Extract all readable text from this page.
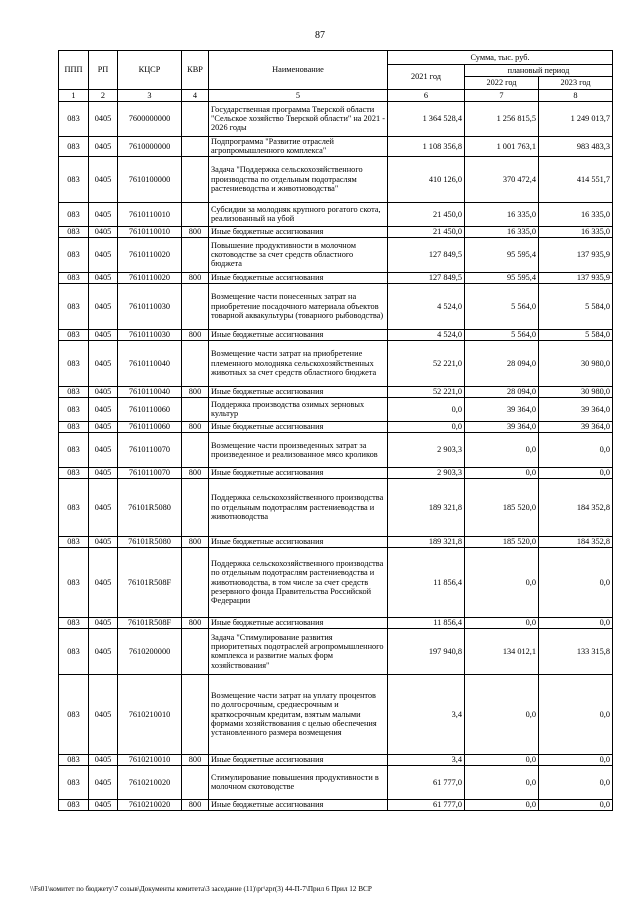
87
ППП	РП	КЦСР	КВР	Наименование	Сумма, тыс. руб.		
					2021 год	плановый период	
						2022 год	2023 год
1	2	3	4	5	6	7	8
083	0405	7600000000		Государственная программа Тверской области "Сельское хозяйство Тверской области" на 2021 - 2026 годы	1 364 528,4	1 256 815,5	1 249 013,7
083	0405	7610000000		Подпрограмма "Развитие отраслей агропромышленного комплекса"	1 108 356,8	1 001 763,1	983 483,3
083	0405	7610100000		Задача "Поддержка сельскохозяйственного производства по отдельным подотраслям растениеводства и животноводства"	410 126,0	370 472,4	414 551,7
083	0405	7610110010		Субсидии за молодняк крупного рогатого скота, реализованный на убой	21 450,0	16 335,0	16 335,0
083	0405	7610110010	800	Иные бюджетные ассигнования	21 450,0	16 335,0	16 335,0
083	0405	7610110020		Повышение продуктивности в молочном скотоводстве за счет средств областного бюджета	127 849,5	95 595,4	137 935,9
083	0405	7610110020	800	Иные бюджетные ассигнования	127 849,5	95 595,4	137 935,9
083	0405	7610110030		Возмещение части понесенных затрат на приобретение посадочного материала объектов товарной аквакультуры (товарного рыбоводства)	4 524,0	5 564,0	5 584,0
083	0405	7610110030	800	Иные бюджетные ассигнования	4 524,0	5 564,0	5 584,0
083	0405	7610110040		Возмещение части затрат на приобретение племенного молодняка сельскохозяйственных животных за счет средств областного бюджета	52 221,0	28 094,0	30 980,0
083	0405	7610110040	800	Иные бюджетные ассигнования	52 221,0	28 094,0	30 980,0
083	0405	7610110060		Поддержка производства озимых зерновых культур	0,0	39 364,0	39 364,0
083	0405	7610110060	800	Иные бюджетные ассигнования	0,0	39 364,0	39 364,0
083	0405	7610110070		Возмещение части произведенных затрат за произведенное и реализованное мясо кроликов	2 903,3	0,0	0,0
083	0405	7610110070	800	Иные бюджетные ассигнования	2 903,3	0,0	0,0
083	0405	76101R5080		Поддержка сельскохозяйственного производства по отдельным подотраслям растениеводства и животноводства	189 321,8	185 520,0	184 352,8
083	0405	76101R5080	800	Иные бюджетные ассигнования	189 321,8	185 520,0	184 352,8
083	0405	76101R508F		Поддержка сельскохозяйственного производства по отдельным подотраслям растениеводства и животноводства, в том числе за счет средств резервного фонда Правительства Российской Федерации	11 856,4	0,0	0,0
083	0405	76101R508F	800	Иные бюджетные ассигнования	11 856,4	0,0	0,0
083	0405	7610200000		Задача "Стимулирование развития приоритетных подотраслей агропромышленного комплекса и развитие малых форм хозяйствования"	197 940,8	134 012,1	133 315,8
083	0405	7610210010		Возмещение части затрат на уплату процентов по долгосрочным, среднесрочным и краткосрочным кредитам, взятым малыми формами хозяйствования с целью обеспечения установленного размера возмещения	3,4	0,0	0,0
083	0405	7610210010	800	Иные бюджетные ассигнования	3,4	0,0	0,0
083	0405	7610210020		Стимулирование повышения продуктивности в молочном скотоводстве	61 777,0	0,0	0,0
083	0405	7610210020	800	Иные бюджетные ассигнования	61 777,0	0,0	0,0
\\Fs01\комитет по бюджету\7 созыв\Документы комитета\3 заседание (11)\рг\zpr(3) 44-П-7\Прил 6 Прил 12 ВСР
